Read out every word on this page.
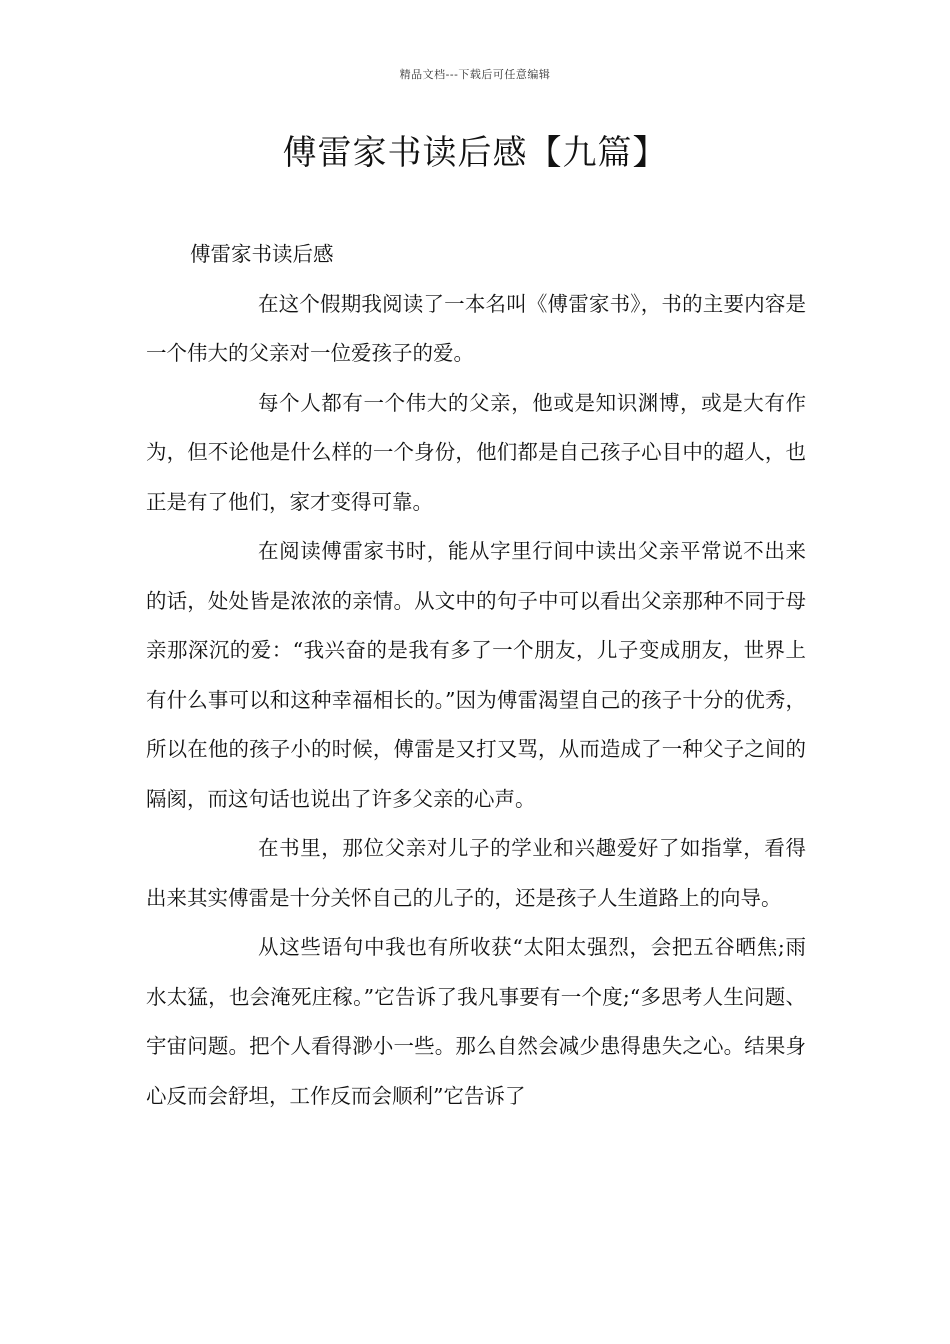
精品文档---下载后可任意编辑
傅雷家书读后感【九篇】
傅雷家书读后感

在这个假期我阅读了一本名叫《傅雷家书》，书的主要内容是一个伟大的父亲对一位爱孩子的爱。

每个人都有一个伟大的父亲，他或是知识渊博，或是大有作为，但不论他是什么样的一个身份，他们都是自己孩子心目中的超人，也正是有了他们，家才变得可靠。

在阅读傅雷家书时，能从字里行间中读出父亲平常说不出来的话，处处皆是浓浓的亲情。从文中的句子中可以看出父亲那种不同于母亲那深沉的爱：“我兴奋的是我有多了一个朋友，儿子变成朋友，世界上有什么事可以和这种幸福相长的。”因为傅雷渴望自己的孩子十分的优秀，所以在他的孩子小的时候，傅雷是又打又骂，从而造成了一种父子之间的隔阂，而这句话也说出了许多父亲的心声。

在书里，那位父亲对儿子的学业和兴趣爱好了如指掌，看得出来其实傅雷是十分关怀自己的儿子的，还是孩子人生道路上的向导。

从这些语句中我也有所收获“太阳太强烈，会把五谷晒焦;雨水太猛，也会淹死庄稼。”它告诉了我凡事要有一个度;“多思考人生问题、宇宙问题。把个人看得渺小一些。那么自然会减少患得患失之心。结果身心反而会舒坦，工作反而会顺利”它告诉了
